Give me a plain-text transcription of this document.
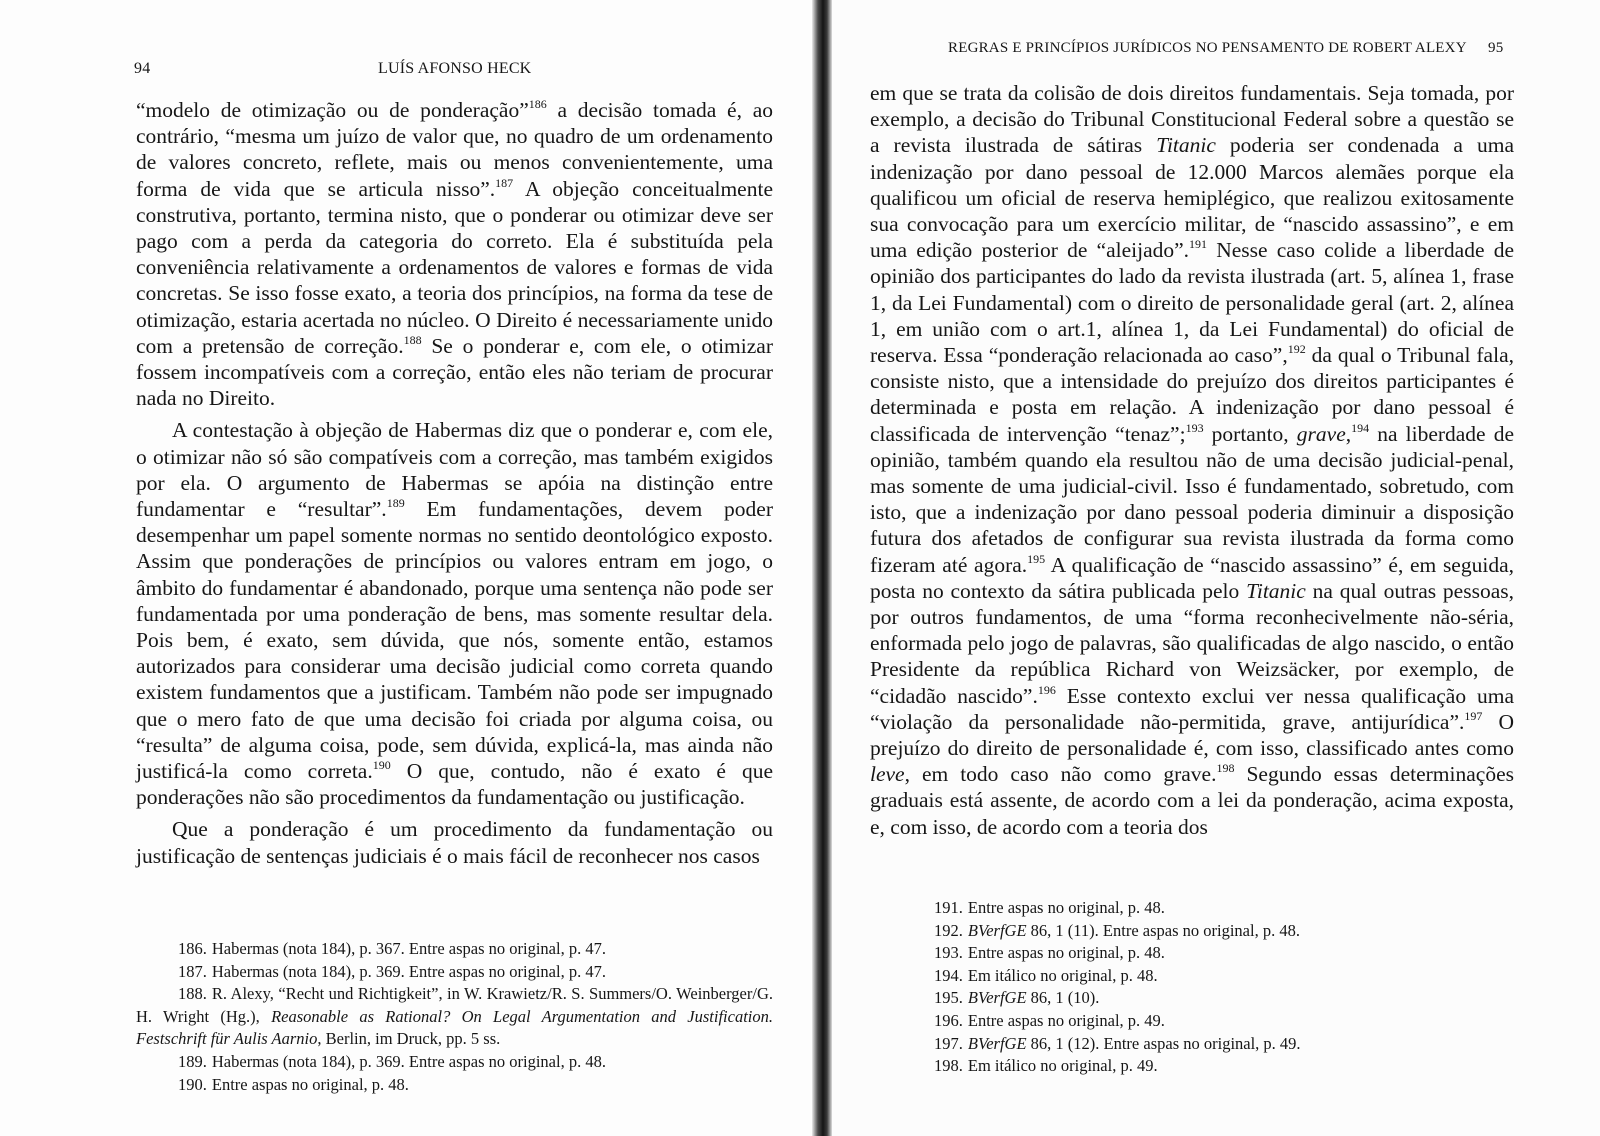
94	LUÍS AFONSO HECK

“modelo de otimização ou de ponderação”$^{186}$ a decisão tomada é, ao contrário, “mesma um juízo de valor que, no quadro de um ordenamento de valores concreto, reflete, mais ou menos convenientemente, uma forma de vida que se articula nisso”.$^{187}$ A objeção conceitualmente construtiva, portanto, termina nisto, que o ponderar ou otimizar deve ser pago com a perda da categoria do correto. Ela é substituída pela conveniência relativamente a ordenamentos de valores e formas de vida concretas. Se isso fosse exato, a teoria dos princípios, na forma da tese de otimização, estaria acertada no núcleo. O Direito é necessariamente unido com a pretensão de correção.$^{188}$ Se o ponderar e, com ele, o otimizar fossem incompatíveis com a correção, então eles não teriam de procurar nada no Direito.

A contestação à objeção de Habermas diz que o ponderar e, com ele, o otimizar não só são compatíveis com a correção, mas também exigidos por ela. O argumento de Habermas se apóia na distinção entre fundamentar e “resultar”.$^{189}$ Em fundamentações, devem poder desempenhar um papel somente normas no sentido deontológico exposto. Assim que ponderações de princípios ou valores entram em jogo, o âmbito do fundamentar é abandonado, porque uma sentença não pode ser fundamentada por uma ponderação de bens, mas somente resultar dela. Pois bem, é exato, sem dúvida, que nós, somente então, estamos autorizados para considerar uma decisão judicial como correta quando existem fundamentos que a justificam. Também não pode ser impugnado que o mero fato de que uma decisão foi criada por alguma coisa, ou “resulta” de alguma coisa, pode, sem dúvida, explicá-la, mas ainda não justificá-la como correta.$^{190}$ O que, contudo, não é exato é que ponderações não são procedimentos da fundamentação ou justificação.

Que a ponderação é um procedimento da fundamentação ou justificação de sentenças judiciais é o mais fácil de reconhecer nos casos

186. Habermas (nota 184), p. 367. Entre aspas no original, p. 47.

187. Habermas (nota 184), p. 369. Entre aspas no original, p. 47.

188. R. Alexy, “Recht und Richtigkeit”, in W. Krawietz/R. S. Summers/O. Weinberger/G. H. Wright (Hg.), Reasonable as Rational? On Legal Argumentation and Justification. Festschrift für Aulis Aarnio, Berlin, im Druck, pp. 5 ss.

189. Habermas (nota 184), p. 369. Entre aspas no original, p. 48.

190. Entre aspas no original, p. 48.

REGRAS E PRINCÍPIOS JURÍDICOS NO PENSAMENTO DE ROBERT ALEXY 95

em que se trata da colisão de dois direitos fundamentais. Seja tomada, por exemplo, a decisão do Tribunal Constitucional Federal sobre a questão se a revista ilustrada de sátiras Titanic poderia ser condenada a uma indenização por dano pessoal de 12.000 Marcos alemães porque ela qualificou um oficial de reserva hemiplégico, que realizou exitosamente sua convocação para um exercício militar, de “nascido assassino”, e em uma edição posterior de “aleijado”.$^{191}$ Nesse caso colide a liberdade de opinião dos participantes do lado da revista ilustrada (art. 5, alínea 1, frase 1, da Lei Fundamental) com o direito de personalidade geral (art. 2, alínea 1, em união com o art.1, alínea 1, da Lei Fundamental) do oficial de reserva. Essa “ponderação relacionada ao caso”,$^{192}$ da qual o Tribunal fala, consiste nisto, que a intensidade do prejuízo dos direitos participantes é determinada e posta em relação. A indenização por dano pessoal é classificada de intervenção “tenaz”;$^{193}$ portanto, grave,$^{194}$ na liberdade de opinião, também quando ela resultou não de uma decisão judicial-penal, mas somente de uma judicial-civil. Isso é fundamentado, sobretudo, com isto, que a indenização por dano pessoal poderia diminuir a disposição futura dos afetados de configurar sua revista ilustrada da forma como fizeram até agora.$^{195}$ A qualificação de “nascido assassino” é, em seguida, posta no contexto da sátira publicada pelo Titanic na qual outras pessoas, por outros fundamentos, de uma “forma reconhecivelmente não-séria, enformada pelo jogo de palavras, são qualificadas de algo nascido, o então Presidente da república Richard von Weizsäcker, por exemplo, de “cidadão nascido”.$^{196}$ Esse contexto exclui ver nessa qualificação uma “violação da personalidade não-permitida, grave, antijurídica”.$^{197}$ O prejuízo do direito de personalidade é, com isso, classificado antes como leve, em todo caso não como grave.$^{198}$ Segundo essas determinações graduais está assente, de acordo com a lei da ponderação, acima exposta, e, com isso, de acordo com a teoria dos

191. Entre aspas no original, p. 48.

192. BVerfGE 86, 1 (11). Entre aspas no original, p. 48.

193. Entre aspas no original, p. 48.

194. Em itálico no original, p. 48.

195. BVerfGE 86, 1 (10).

196. Entre aspas no original, p. 49.

197. BVerfGE 86, 1 (12). Entre aspas no original, p. 49.

198. Em itálico no original, p. 49.
